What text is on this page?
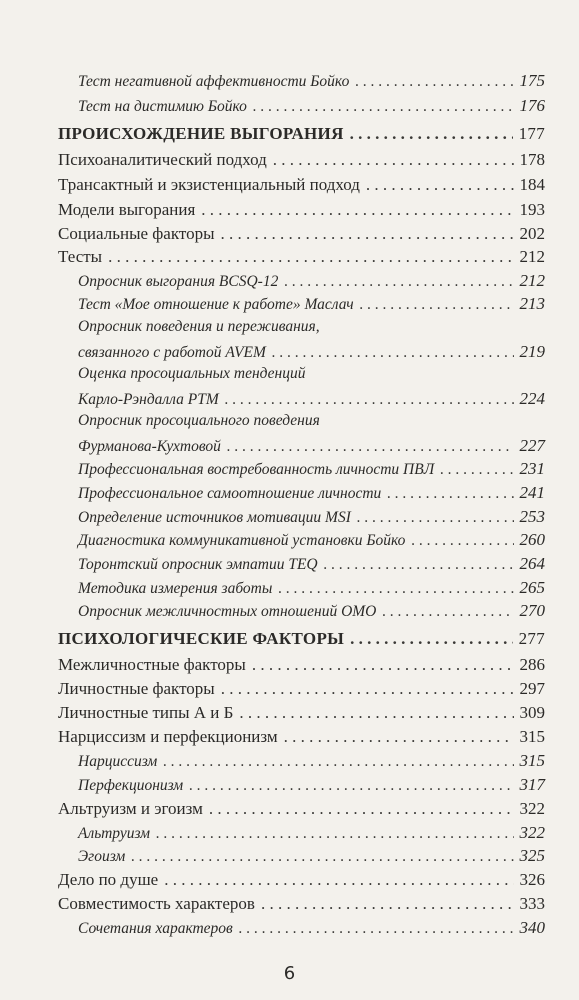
Тест негативной аффективности Бойко . . .	175
Тест на дистимию Бойко . . .	176
ПРОИСХОЖДЕНИЕ ВЫГОРАНИЯ . . .	177
Психоаналитический подход . . .	178
Трансактный и экзистенциальный подход . . .	184
Модели выгорания . . .	193
Социальные факторы . . .	202
Тесты . . .	212
Опросник выгорания BCSQ-12 . . .	212
Тест «Мое отношение к работе» Маслач . . .	213
Опросник поведения и переживания,
связанного с работой AVEM . . .	219
Оценка просоциальных тенденций
Карло-Рэндалла PTM . . .	224
Опросник просоциального поведения
Фурманова-Кухтовой . . .	227
Профессиональная востребованность личности ПВЛ . . .	231
Профессиональное самоотношение личности . . .	241
Определение источников мотивации MSI . . .	253
Диагностика коммуникативной установки Бойко . . .	260
Торонтский опросник эмпатии TEQ . . .	264
Методика измерения заботы . . .	265
Опросник межличностных отношений ОМО . . .	270
ПСИХОЛОГИЧЕСКИЕ ФАКТОРЫ . . .	277
Межличностные факторы . . .	286
Личностные факторы . . .	297
Личностные типы А и Б . . .	309
Нарциссизм и перфекционизм . . .	315
Нарциссизм . . .	315
Перфекционизм . . .	317
Альтруизм и эгоизм . . .	322
Альтруизм . . .	322
Эгоизм . . .	325
Дело по душе . . .	326
Совместимость характеров . . .	333
Сочетания характеров . . .	340
6
